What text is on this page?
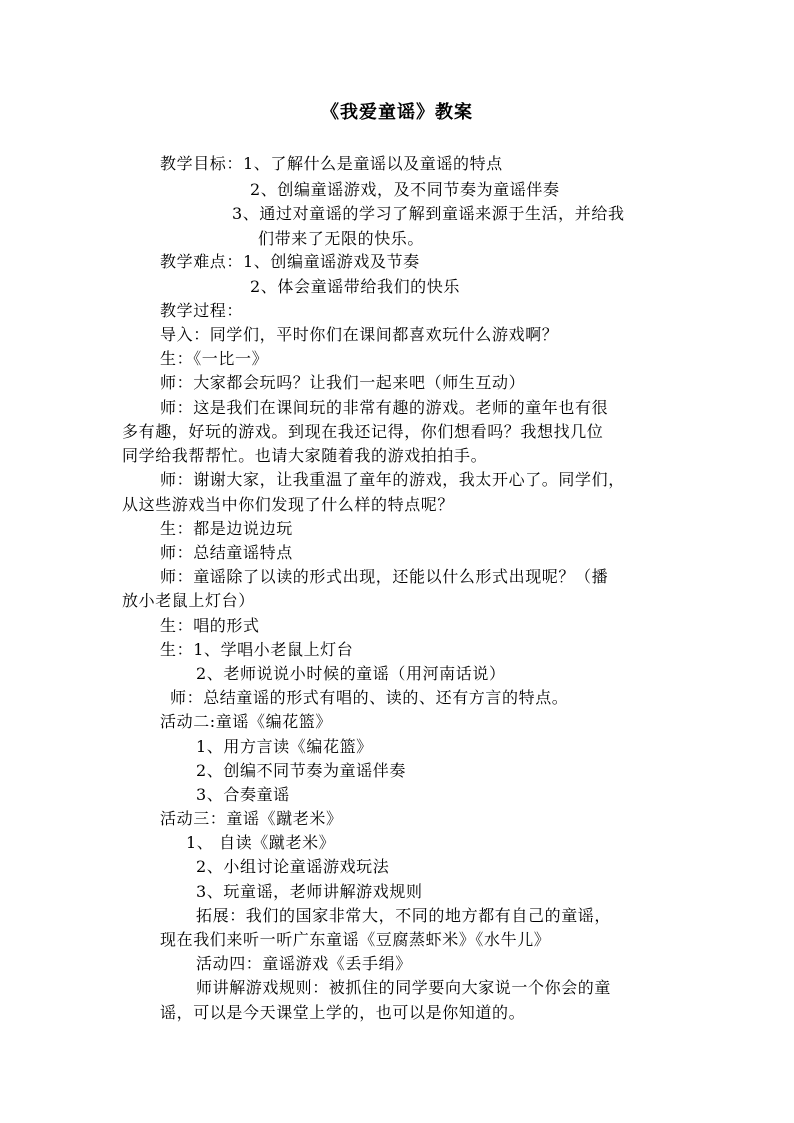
《我爱童谣》教案
教学目标：1、了解什么是童谣以及童谣的特点
2、创编童谣游戏，及不同节奏为童谣伴奏
3、通过对童谣的学习了解到童谣来源于生活，并给我
们带来了无限的快乐。
教学难点：1、创编童谣游戏及节奏
2、体会童谣带给我们的快乐
教学过程：
导入：同学们，平时你们在课间都喜欢玩什么游戏啊？
生：《一比一》
师：大家都会玩吗？让我们一起来吧（师生互动）
师：这是我们在课间玩的非常有趣的游戏。老师的童年也有很
多有趣，好玩的游戏。到现在我还记得，你们想看吗？我想找几位
同学给我帮帮忙。也请大家随着我的游戏拍拍手。
师：谢谢大家，让我重温了童年的游戏，我太开心了。同学们，
从这些游戏当中你们发现了什么样的特点呢？
生：都是边说边玩
师：总结童谣特点
师：童谣除了以读的形式出现，还能以什么形式出现呢？（播
放小老鼠上灯台）
生：唱的形式
生：1、学唱小老鼠上灯台
2、老师说说小时候的童谣（用河南话说）
师：总结童谣的形式有唱的、读的、还有方言的特点。
活动二:童谣《编花篮》
1、用方言读《编花篮》
2、创编不同节奏为童谣伴奏
3、合奏童谣
活动三：童谣《蹴老米》
1、 自读《蹴老米》
2、小组讨论童谣游戏玩法
3、玩童谣，老师讲解游戏规则
拓展：我们的国家非常大，不同的地方都有自己的童谣，
现在我们来听一听广东童谣《豆腐蒸虾米》《水牛儿》
活动四：童谣游戏《丢手绢》
师讲解游戏规则：被抓住的同学要向大家说一个你会的童
谣，可以是今天课堂上学的，也可以是你知道的。
